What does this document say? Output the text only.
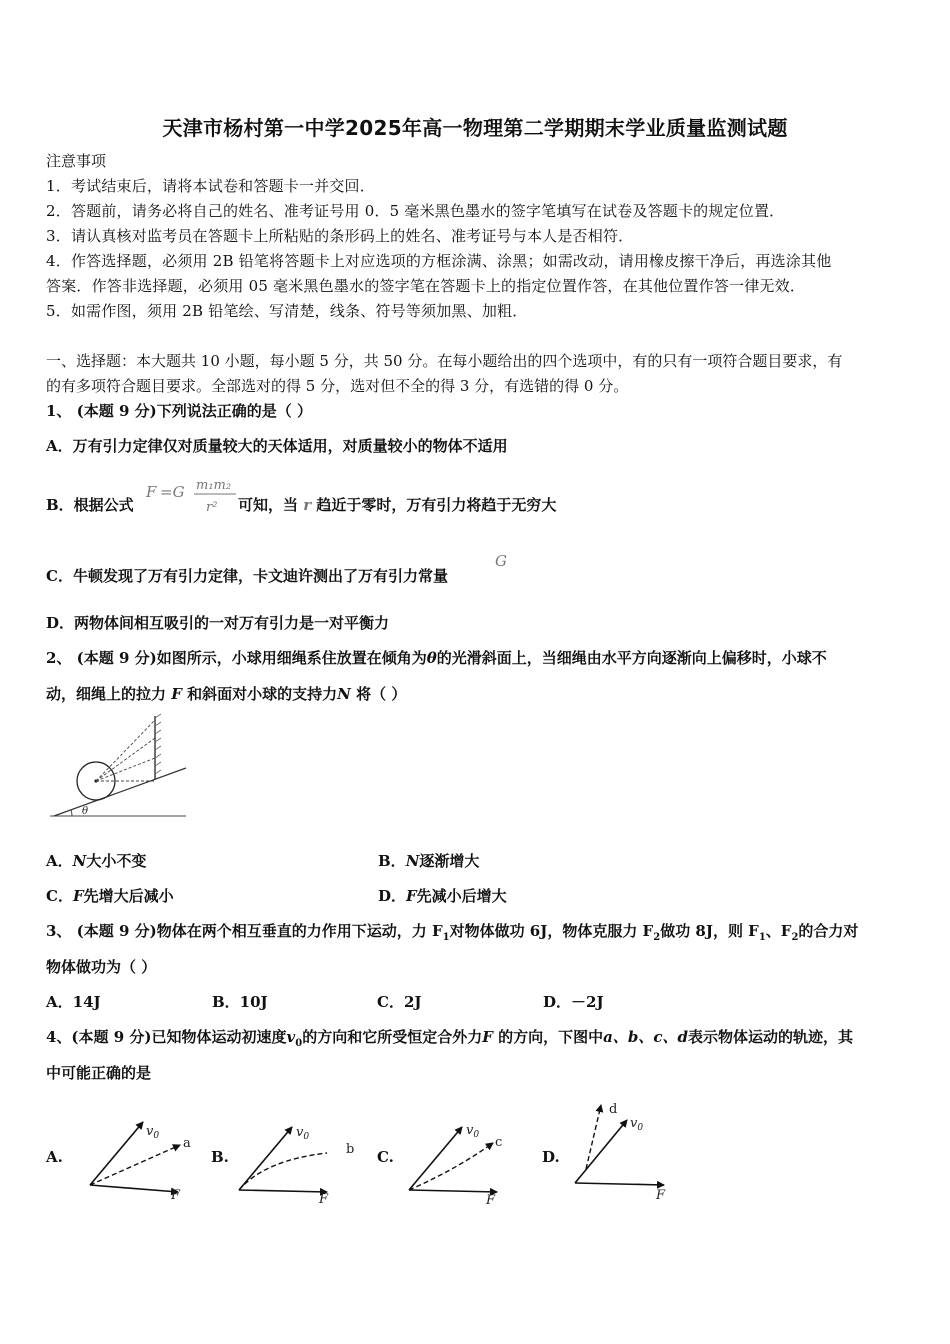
天津市杨村第一中学2025年高一物理第二学期期末学业质量监测试题
注意事项
1．考试结束后，请将本试卷和答题卡一并交回．
2．答题前，请务必将自己的姓名、准考证号用 0．5 毫米黑色墨水的签字笔填写在试卷及答题卡的规定位置．
3．请认真核对监考员在答题卡上所粘贴的条形码上的姓名、准考证号与本人是否相符．
4．作答选择题，必须用 2B 铅笔将答题卡上对应选项的方框涂满、涂黑；如需改动，请用橡皮擦干净后，再选涂其他
答案．作答非选择题，必须用 05 毫米黑色墨水的签字笔在答题卡上的指定位置作答，在其他位置作答一律无效．
5．如需作图，须用 2B 铅笔绘、写清楚，线条、符号等须加黑、加粗．
一、选择题：本大题共 10 小题，每小题 5 分，共 50 分。在每小题给出的四个选项中，有的只有一项符合题目要求，有
的有多项符合题目要求。全部选对的得 5 分，选对但不全的得 3 分，有选错的得 0 分。
1、 (本题 9 分)下列说法正确的是（ ）
A．万有引力定律仅对质量较大的天体适用，对质量较小的物体不适用
B．根据公式
F =G m₁m₂
r² 可知，当 r 趋近于零时，万有引力将趋于无穷大
C．牛顿发现了万有引力定律，卡文迪许测出了万有引力常量
G
D．两物体间相互吸引的一对万有引力是一对平衡力
2、 (本题 9 分)如图所示，小球用细绳系住放置在倾角为θ的光滑斜面上，当细绳由水平方向逐渐向上偏移时，小球不
动，细绳上的拉力 F 和斜面对小球的支持力N 将（ ）
θ
A．N大小不变	B．N逐渐增大
C．F先增大后减小	D．F先减小后增大
3、 (本题 9 分)物体在两个相互垂直的力作用下运动，力 $F_1$对物体做功 6J，物体克服力 $F_2$做功 8J，则 $F_1$、$F_2$的合力对
物体做功为（ ）
A．14J	B．10J	C．2J	D．－2J
4、(本题 9 分)已知物体运动初速度$v_0$的方向和它所受恒定合外力F 的方向，下图中a、b、c、d表示物体运动的轨迹，其
中可能正确的是
A.	B.	C.	D.
$v_0$ a
F
$v_0$
b
F
$v_0$ c
F
$v_0$
d
F
